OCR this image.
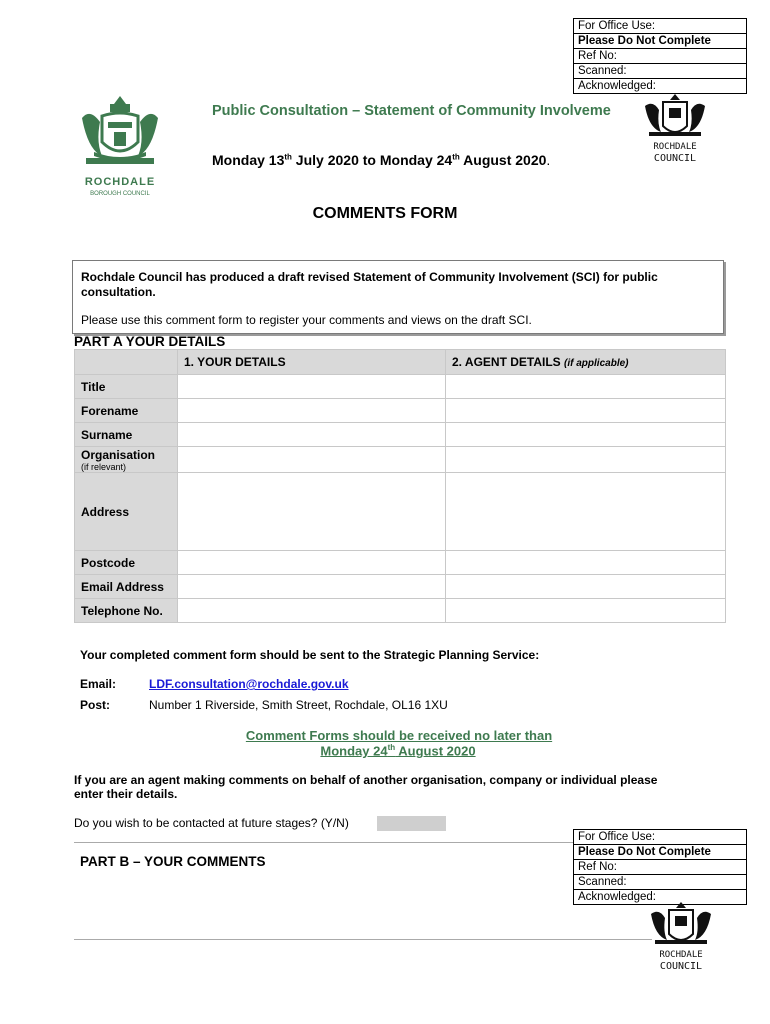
For Office Use:
Please Do Not Complete
Ref No:
Scanned:
Acknowledged:
ROCHDALE
BOROUGH COUNCIL
Public Consultation – Statement of Community Involveme
ROCHDALE
COUNCIL
Monday 13th July 2020 to Monday 24th August 2020.
COMMENTS FORM
Rochdale Council has produced a draft revised Statement of Community Involvement (SCI) for public consultation.
Please use this comment form to register your comments and views on the draft SCI.
PART A YOUR DETAILS
	1. YOUR DETAILS	2. AGENT DETAILS (if applicable)
Title		
Forename		
Surname		
Organisation
(if relevant)		

Address		
Postcode		
Email Address		
Telephone No.		
Your completed comment form should be sent to the Strategic Planning Service:
Email:	LDF.consultation@rochdale.gov.uk
Post:	Number 1 Riverside, Smith Street, Rochdale, OL16 1XU
Comment Forms should be received no later than
Monday 24th August 2020
If you are an agent making comments on behalf of another organisation, company or individual please enter their details.
Do you wish to be contacted at future stages? (Y/N)
For Office Use:
Please Do Not Complete
Ref No:
Scanned:
Acknowledged:
PART B – YOUR COMMENTS
ROCHDALE
COUNCIL
